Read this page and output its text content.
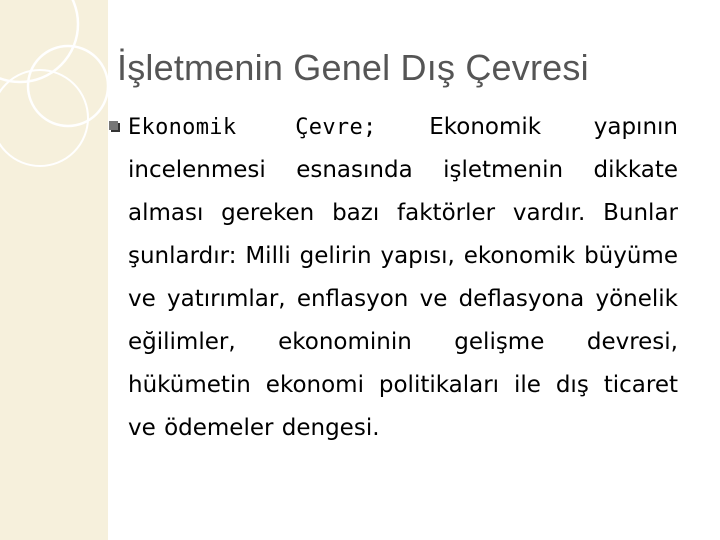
İşletmenin Genel Dış Çevresi

Ekonomik Çevre; Ekonomik yapının incelenmesi esnasında işletmenin dikkate alması gereken bazı faktörler vardır. Bunlar şunlardır: Milli gelirin yapısı, ekonomik büyüme ve yatırımlar, enflasyon ve deflasyona yönelik eğilimler, ekonominin gelişme devresi, hükümetin ekonomi politikaları ile dış ticaret ve ödemeler dengesi.
